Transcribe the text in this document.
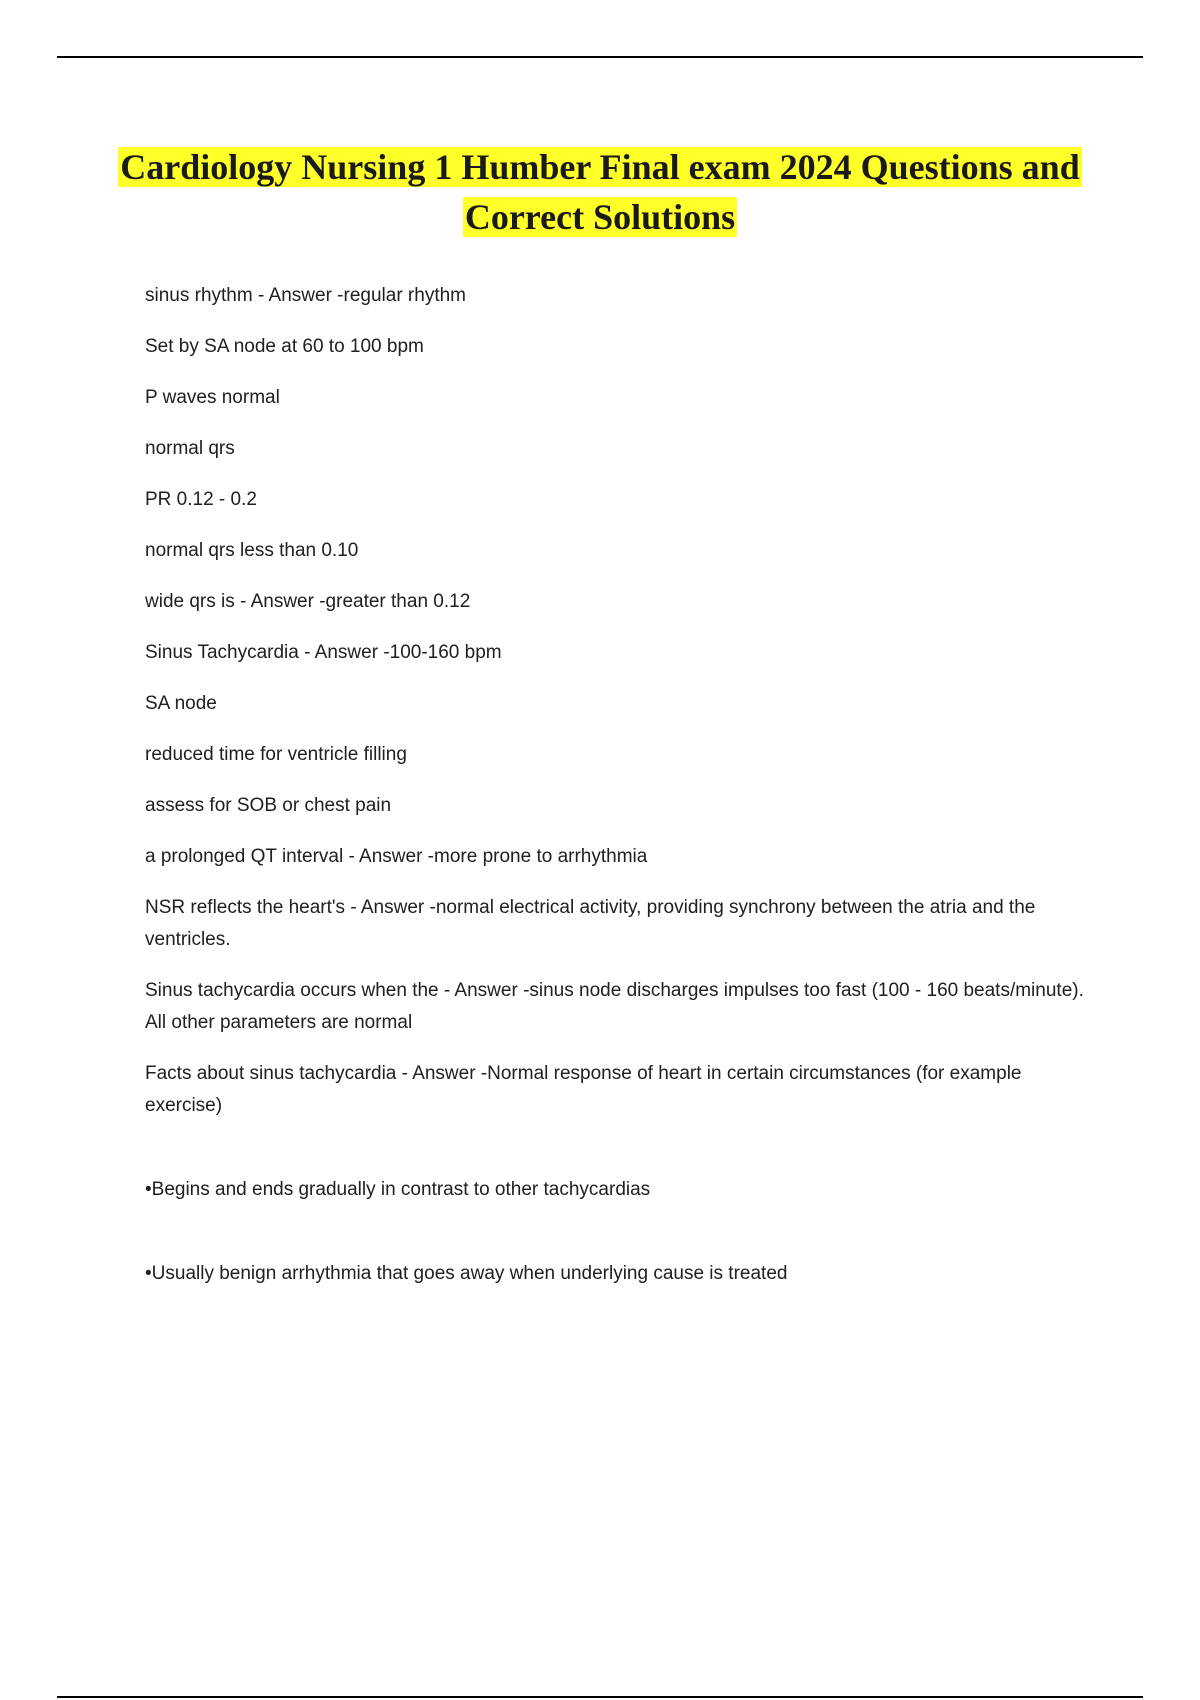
Cardiology Nursing 1 Humber Final exam 2024 Questions and Correct Solutions

sinus rhythm - Answer -regular rhythm

Set by SA node at 60 to 100 bpm

P waves normal

normal qrs

PR 0.12 - 0.2

normal qrs less than 0.10

wide qrs is - Answer -greater than 0.12

Sinus Tachycardia - Answer -100-160 bpm

SA node

reduced time for ventricle filling

assess for SOB or chest pain

a prolonged QT interval - Answer -more prone to arrhythmia

NSR reflects the heart's - Answer -normal electrical activity, providing synchrony between the atria and the ventricles.

Sinus tachycardia occurs when the - Answer -sinus node discharges impulses too fast (100 - 160 beats/minute). All other parameters are normal

Facts about sinus tachycardia - Answer -Normal response of heart in certain circumstances (for example exercise)

•Begins and ends gradually in contrast to other tachycardias

•Usually benign arrhythmia that goes away when underlying cause is treated
